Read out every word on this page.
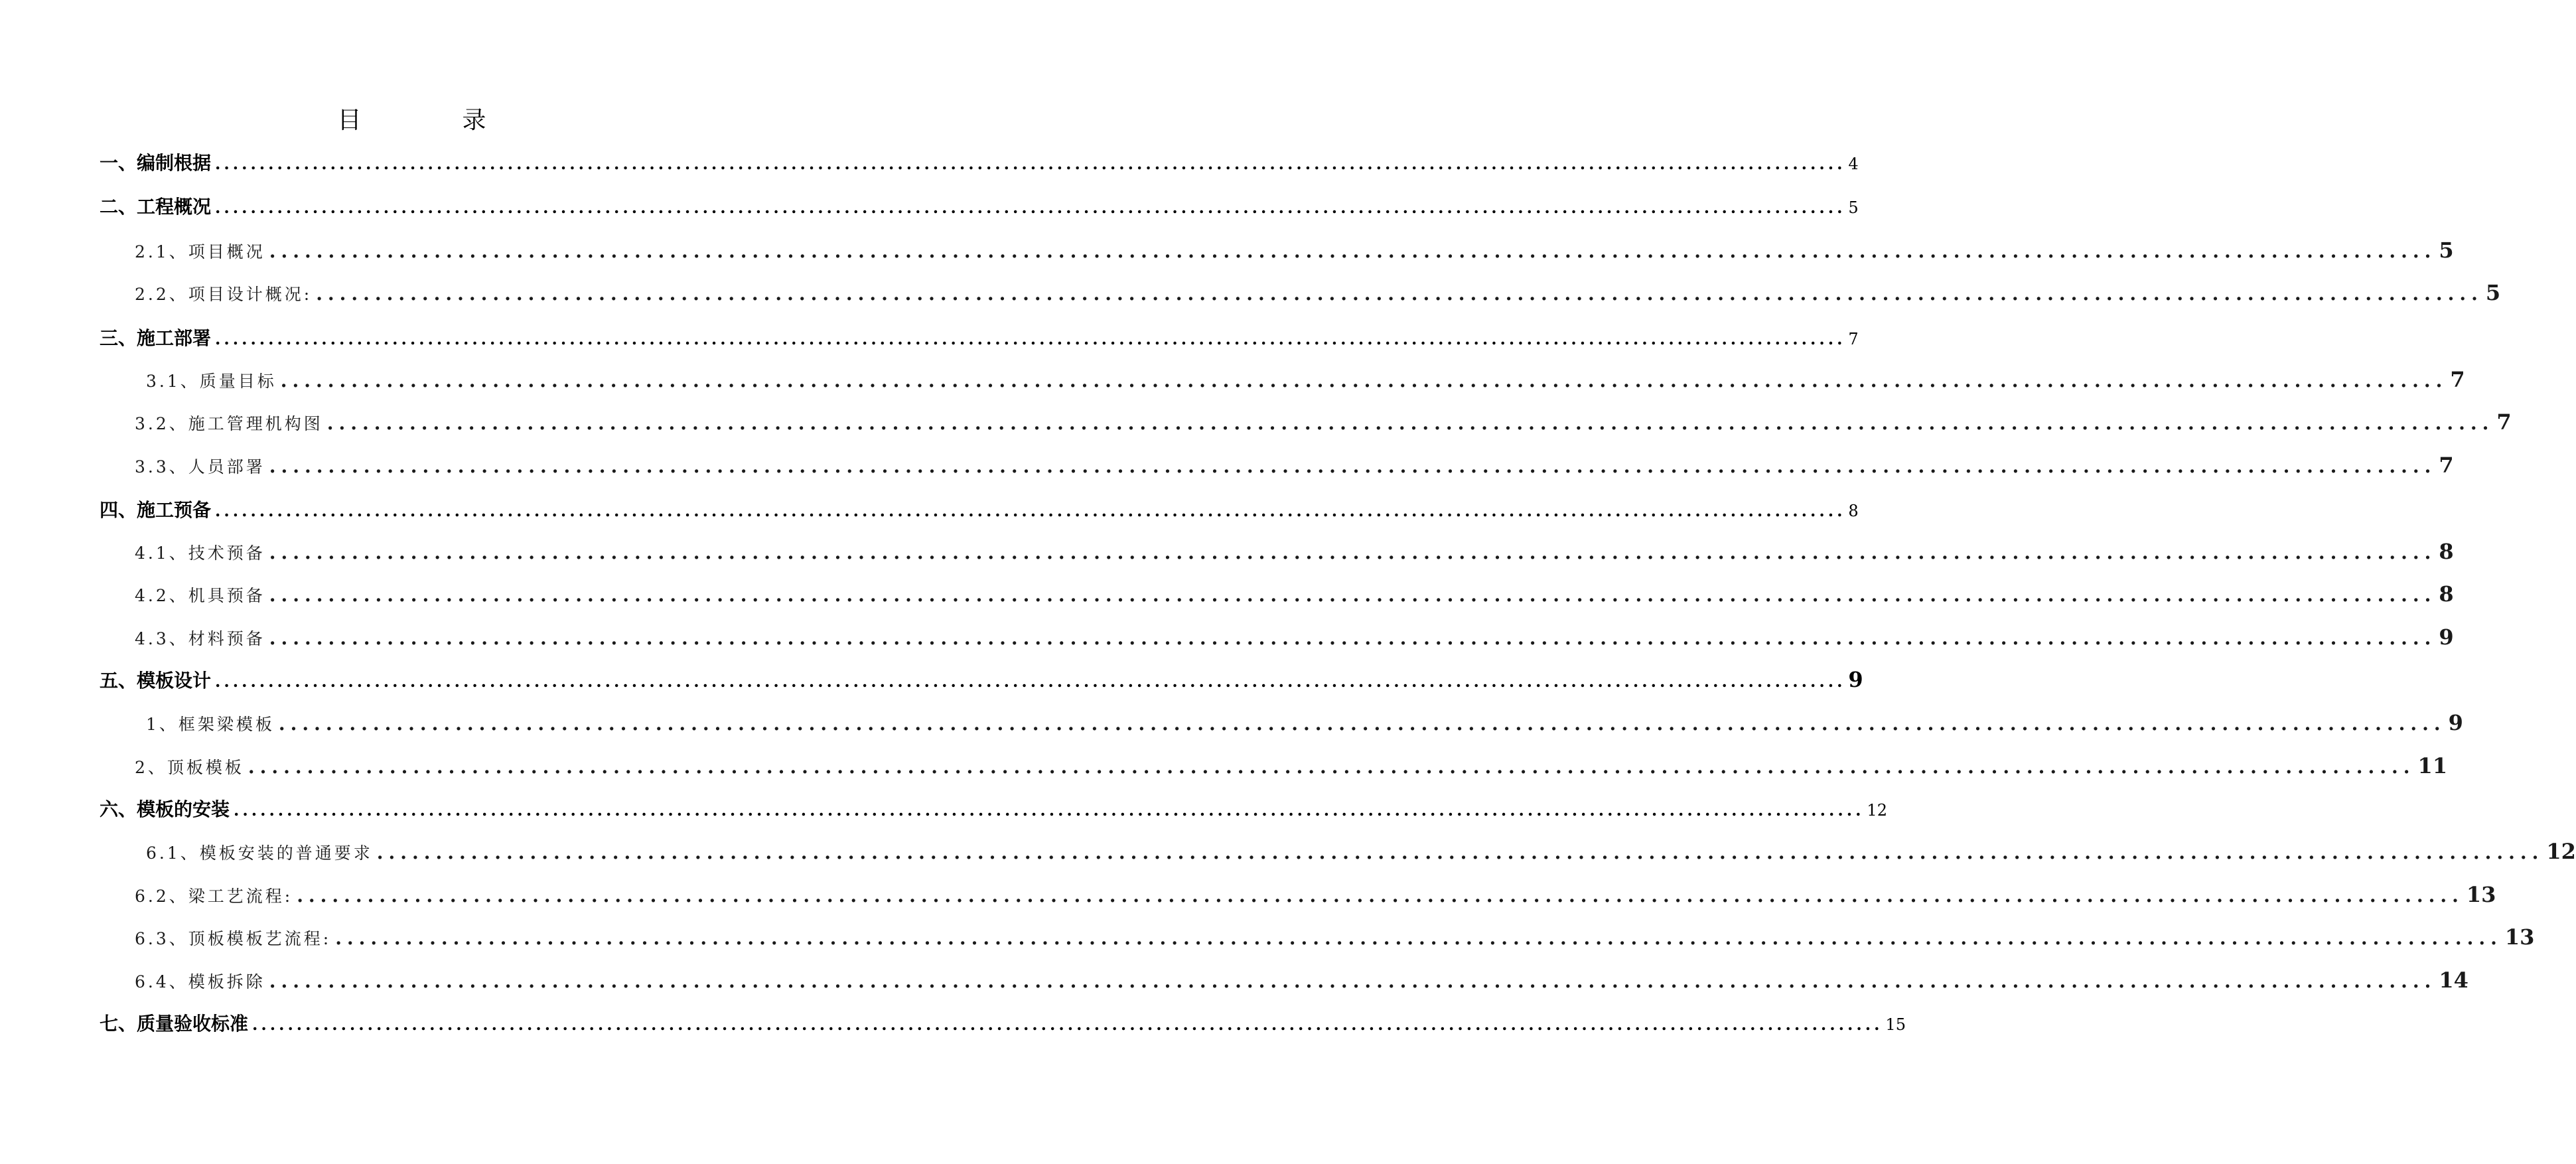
目　录
一、编制根据 ........................................................................................................................................................................................ 4
二、工程概况 ........................................................................................................................................................................................ 5
2.1、项目概况 ........................................................................................................................................................................................ 5
2.2、项目设计概况: ........................................................................................................................................................................................ 5
三、施工部署 ........................................................................................................................................................................................ 7
3.1、质量目标 ........................................................................................................................................................................................ 7
3.2、施工管理机构图 ........................................................................................................................................................................................ 7
3.3、人员部署 ........................................................................................................................................................................................ 7
四、施工预备 ........................................................................................................................................................................................ 8
4.1、技术预备 ........................................................................................................................................................................................ 8
4.2、机具预备 ........................................................................................................................................................................................ 8
4.3、材料预备 ........................................................................................................................................................................................ 9
五、模板设计 ........................................................................................................................................................................................ 9
1、框架梁模板 ........................................................................................................................................................................................ 9
2、顶板模板 ........................................................................................................................................................................................ 11
六、模板的安装 ........................................................................................................................................................................................ 12
6.1、模板安装的普通要求 ........................................................................................................................................................................................ 12
6.2、梁工艺流程: ........................................................................................................................................................................................ 13
6.3、顶板模板艺流程: ........................................................................................................................................................................................ 13
6.4、模板拆除 ........................................................................................................................................................................................ 14
七、质量验收标准 ........................................................................................................................................................................................ 15
